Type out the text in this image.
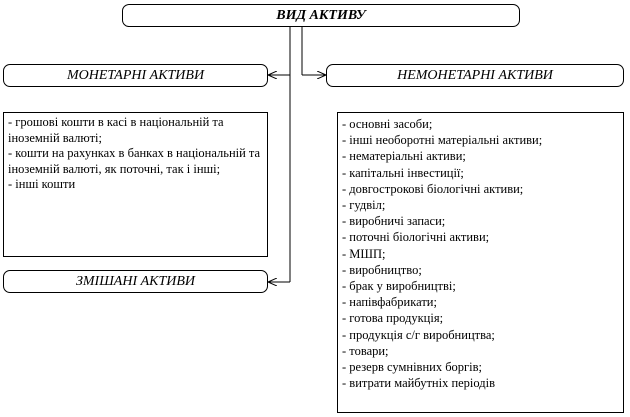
ВИД АКТИВУ
МОНЕТАРНІ АКТИВИ	НЕМОНЕТАРНІ АКТИВИ

- грошові кошти в касі в національній та іноземній валюті;

- кошти на рахунках в банках в національній та іноземній валюті, як поточні, так і інші;

- інші кошти

ЗМІШАНІ АКТИВИ

- основні засоби;

- інші необоротні матеріальні активи;

- нематеріальні активи;

- капітальні інвестиції;

- довгострокові біологічні активи;

- гудвіл;

- виробничі запаси;

- поточні біологічні активи;

- МШП;

- виробництво;

- брак у виробництві;

- напівфабрикати;

- готова продукція;

- продукція с/г виробництва;

- товари;

- резерв сумнівних боргів;

- витрати майбутніх періодів
